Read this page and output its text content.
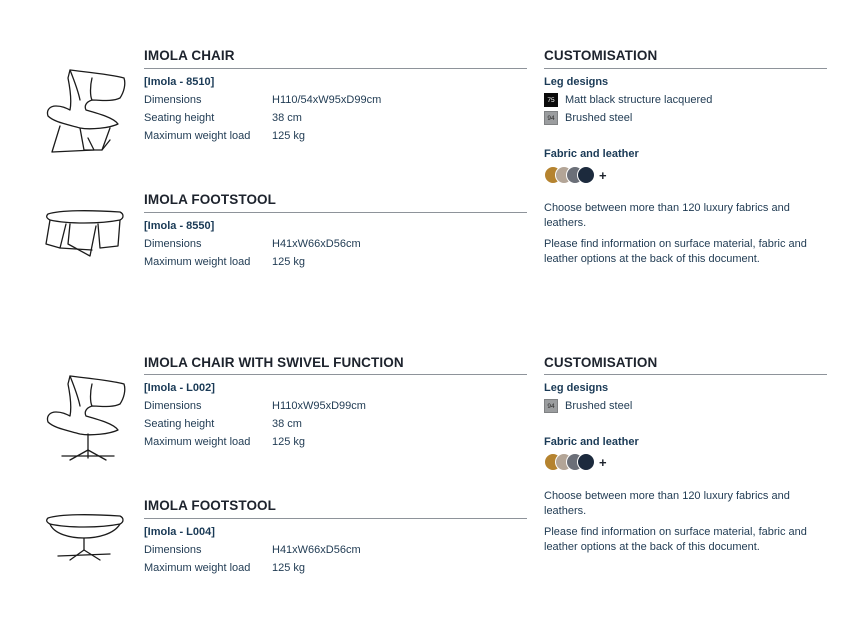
IMOLA CHAIR
[Imola - 8510]
Dimensions	H110/54xW95xD99cm
Seating height	38 cm
Maximum weight load 125 kg
IMOLA FOOTSTOOL
[Imola - 8550]
Dimensions	H41xW66xD56cm
Maximum weight load 125 kg
CUSTOMISATION
Leg designs
75 Matt black structure lacquered
94 Brushed steel
Fabric and leather
+
Choose between more than 120 luxury fabrics and leathers.
Please find information on surface material, fabric and leather options at the back of this document.
IMOLA CHAIR WITH SWIVEL FUNCTION
[Imola - L002]
Dimensions	H110xW95xD99cm
Seating height	38 cm
Maximum weight load 125 kg
IMOLA FOOTSTOOL
[Imola - L004]
Dimensions	H41xW66xD56cm
Maximum weight load 125 kg
CUSTOMISATION
Leg designs
94 Brushed steel
Fabric and leather
+
Choose between more than 120 luxury fabrics and leathers.
Please find information on surface material, fabric and leather options at the back of this document.
